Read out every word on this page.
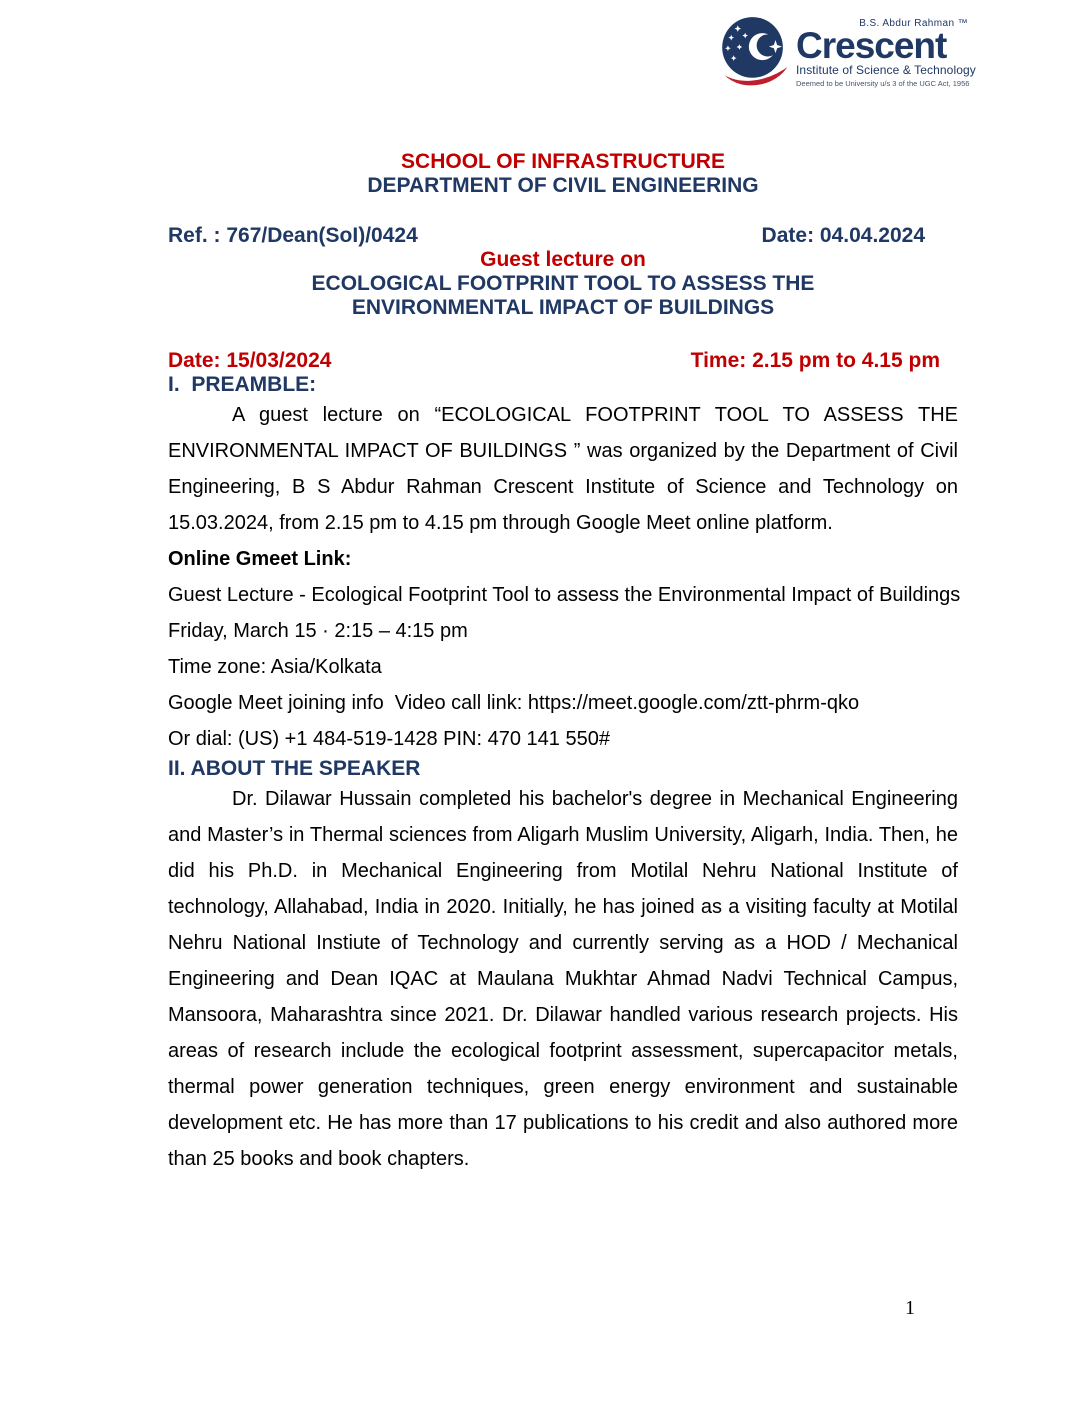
B.S. Abdur Rahman ™
Crescent
Institute of Science & Technology
Deemed to be University u/s 3 of the UGC Act, 1956

SCHOOL OF INFRASTRUCTURE

DEPARTMENT OF CIVIL ENGINEERING

Ref. : 767/Dean(SoI)/0424	Date: 04.04.2024

Guest lecture on

ECOLOGICAL FOOTPRINT TOOL TO ASSESS THE

ENVIRONMENTAL IMPACT OF BUILDINGS

Date: 15/03/2024	Time: 2.15 pm to 4.15 pm

I.  PREAMBLE:

A guest lecture on “ECOLOGICAL FOOTPRINT TOOL TO ASSESS THE ENVIRONMENTAL IMPACT OF BUILDINGS ” was organized by the Department of Civil Engineering, B S Abdur Rahman Crescent Institute of Science and Technology on 15.03.2024, from 2.15 pm to 4.15 pm through Google Meet online platform.

Online Gmeet Link:

Guest Lecture - Ecological Footprint Tool to assess the Environmental Impact of Buildings

Friday, March 15 · 2:15 – 4:15 pm

Time zone: Asia/Kolkata

Google Meet joining info  Video call link: https://meet.google.com/ztt-phrm-qko

Or dial: (US) +1 484-519-1428 PIN: 470 141 550#

II. ABOUT THE SPEAKER

Dr. Dilawar Hussain completed his bachelor's degree in Mechanical Engineering and Master’s in Thermal sciences from Aligarh Muslim University, Aligarh, India. Then, he did his Ph.D. in Mechanical Engineering from Motilal Nehru National Institute of technology, Allahabad, India in 2020. Initially, he has joined as a visiting faculty at Motilal Nehru National Instiute of Technology and currently serving as a HOD / Mechanical Engineering and Dean IQAC at Maulana Mukhtar Ahmad Nadvi Technical Campus, Mansoora, Maharashtra since 2021. Dr. Dilawar handled various research projects. His areas of research include the ecological footprint assessment, supercapacitor metals, thermal power generation techniques, green energy environment and sustainable development etc. He has more than 17 publications to his credit and also authored more than 25 books and book chapters.

1
